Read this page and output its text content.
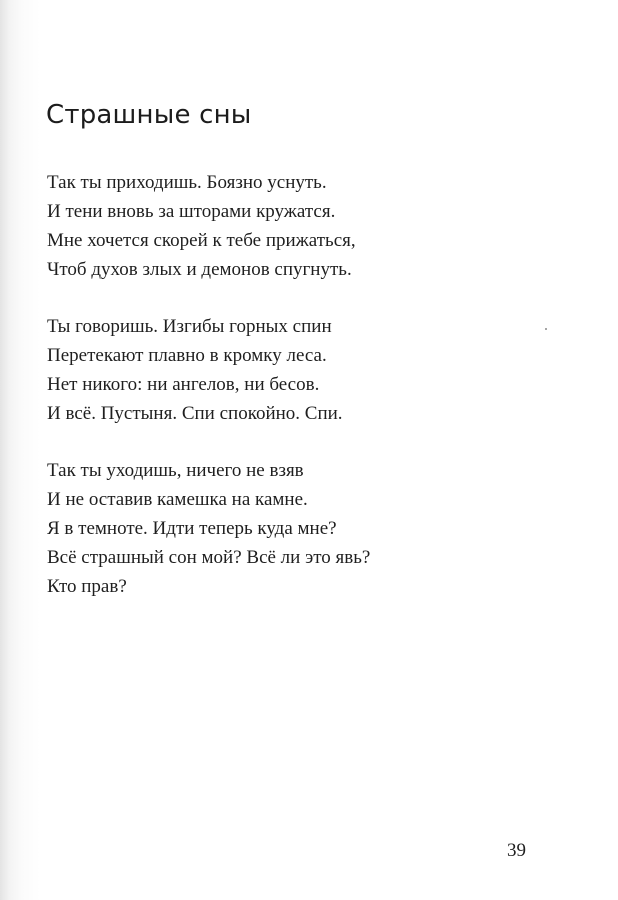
Страшные сны
Так ты приходишь. Боязно уснуть.
И тени вновь за шторами кружатся.
Мне хочется скорей к тебе прижаться,
Чтоб духов злых и демонов спугнуть.
Ты говоришь. Изгибы горных спин
Перетекают плавно в кромку леса.
Нет никого: ни ангелов, ни бесов.
И всё. Пустыня. Спи спокойно. Спи.
Так ты уходишь, ничего не взяв
И не оставив камешка на камне.
Я в темноте. Идти теперь куда мне?
Всё страшный сон мой? Всё ли это явь?
Кто прав?
39
